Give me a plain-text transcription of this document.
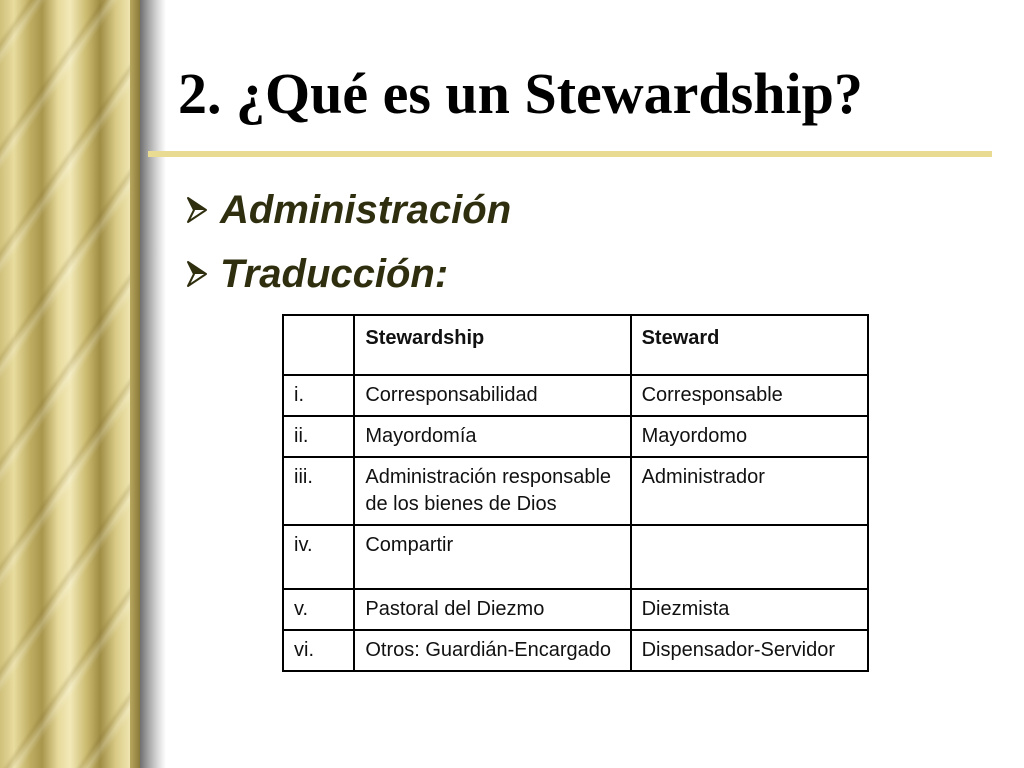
2. ¿Qué es un Stewardship?
Administración
Traducción:
	Stewardship	Steward
i.	Corresponsabilidad	Corresponsable
ii.	Mayordomía	Mayordomo
iii.	Administración responsable de los bienes de Dios	Administrador
iv.	Compartir	
v.	Pastoral del Diezmo	Diezmista
vi.	Otros: Guardián-Encargado	Dispensador-Servidor
